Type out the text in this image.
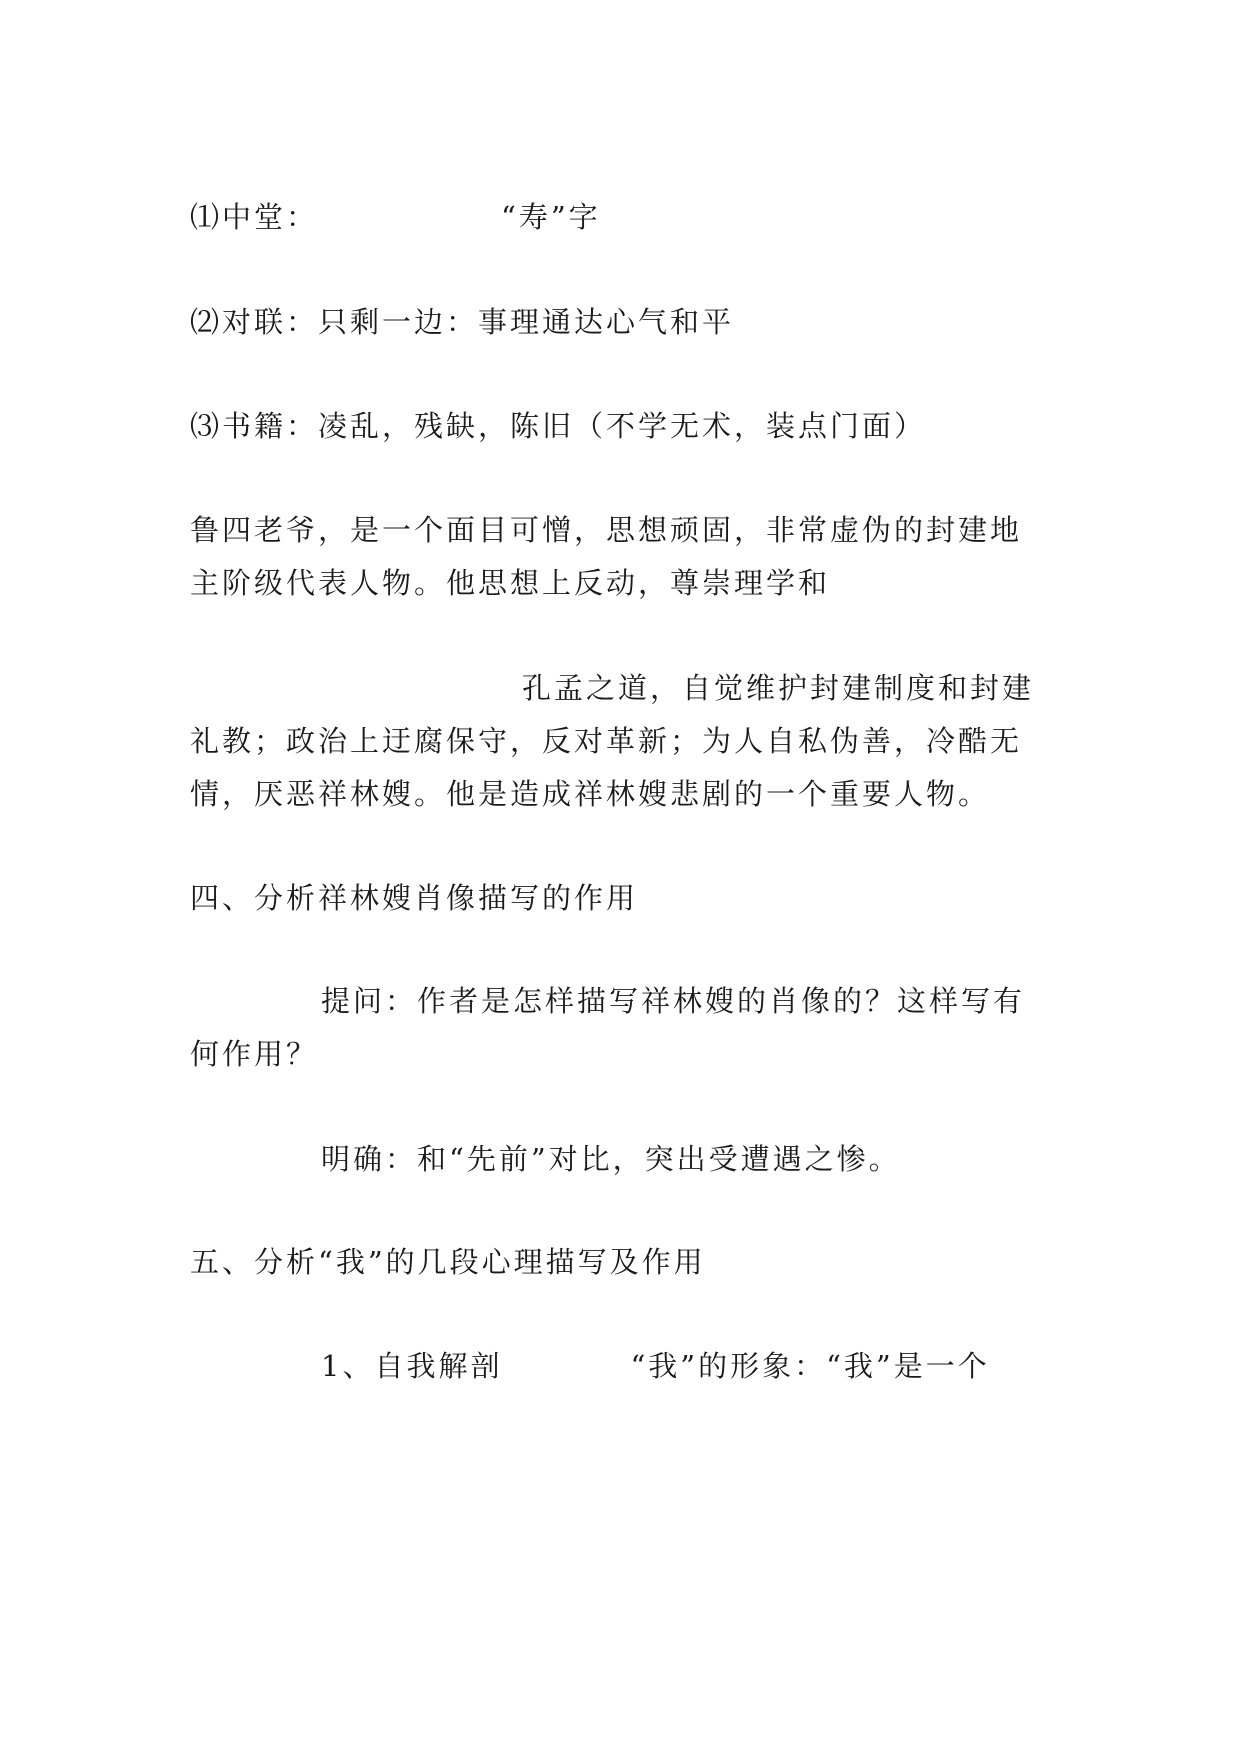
⑴中堂：	“寿”字
⑵对联：只剩一边：事理通达心气和平
⑶书籍：凌乱，残缺，陈旧（不学无术，装点门面）
鲁四老爷，是一个面目可憎，思想顽固，非常虚伪的封建地
主阶级代表人物。他思想上反动，尊崇理学和
孔孟之道，自觉维护封建制度和封建
礼教；政治上迂腐保守，反对革新；为人自私伪善，冷酷无
情，厌恶祥林嫂。他是造成祥林嫂悲剧的一个重要人物。
四、分析祥林嫂肖像描写的作用
提问：作者是怎样描写祥林嫂的肖像的？这样写有
何作用？
明确：和“先前”对比，突出受遭遇之惨。
五、分析“我”的几段心理描写及作用
1、自我解剖	“我”的形象：“我”是一个
